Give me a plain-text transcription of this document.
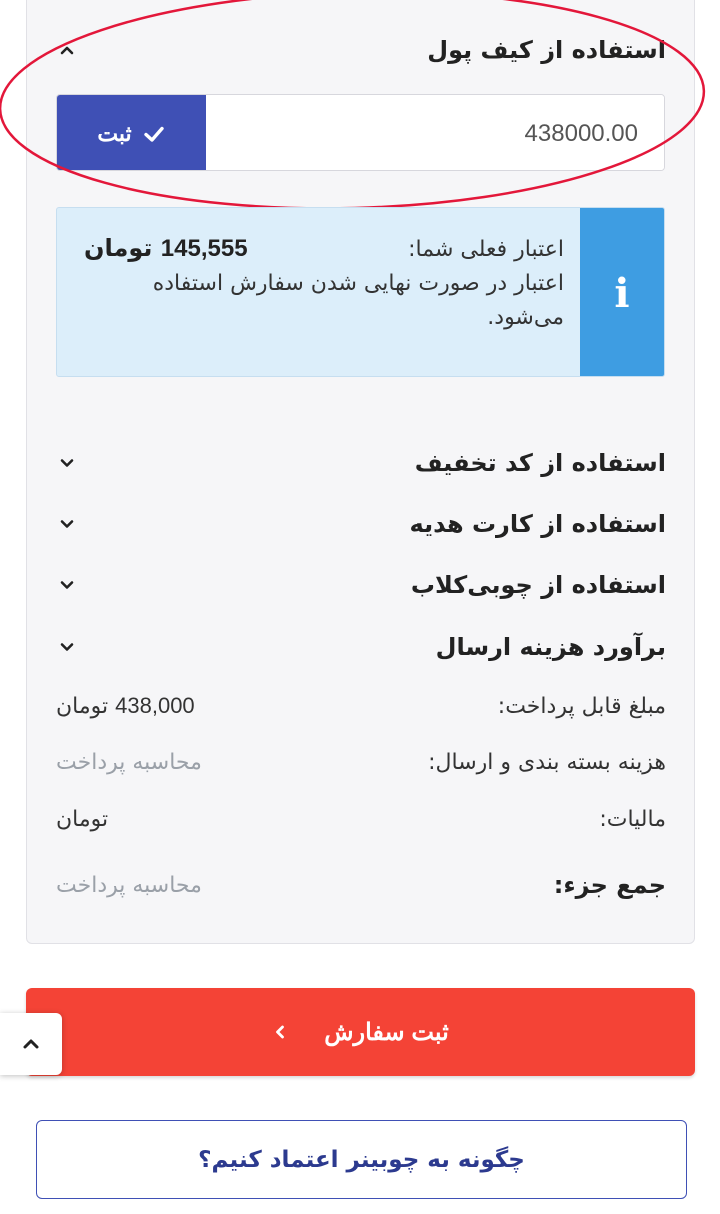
استفاده از کیف پول
ثبت
438000.00
i
اعتبار فعلی شما:
145,555 تومان
اعتبار در صورت نهایی شدن سفارش استفاده می‌شود.
استفاده از کد تخفیف
استفاده از کارت هدیه
استفاده از چوبی‌کلاب
برآورد هزینه ارسال
مبلغ قابل پرداخت:
438,000 تومان
هزینه بسته بندی و ارسال:
محاسبه پرداخت
مالیات:
تومان
جمع جزء:
محاسبه پرداخت
ثبت سفارش
چگونه به چوبینر اعتماد کنیم؟
